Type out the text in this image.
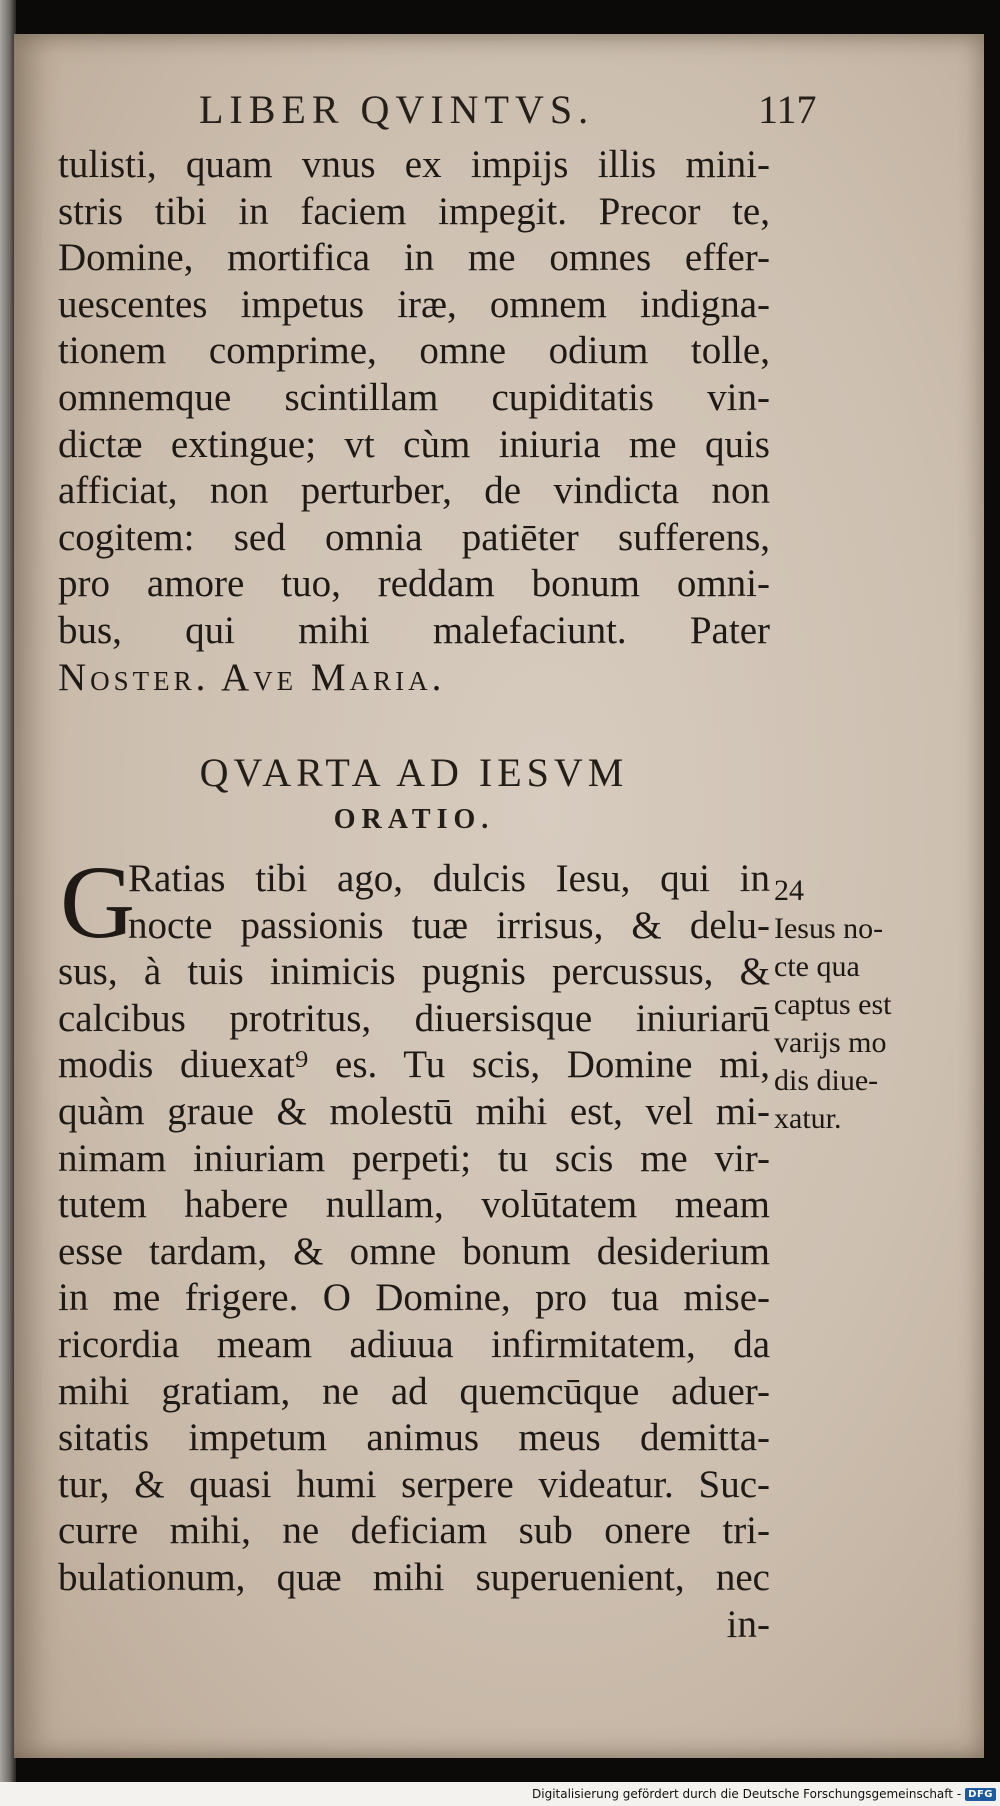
LIBER QVINTVS.	117
tulisti, quam vnus ex impijs illis mini-
stris tibi in faciem impegit. Precor te,
Domine, mortifica in me omnes effer-
uescentes impetus iræ, omnem indigna-
tionem comprime, omne odium tolle,
omnemque scintillam cupiditatis vin-
dictæ extingue; vt cùm iniuria me quis
afficiat, non perturber, de vindicta non
cogitem: sed omnia patiēter sufferens,
pro amore tuo, reddam bonum omni-
bus, qui mihi malefaciunt. Pater
Noster. Ave Maria.
QVARTA AD IESVM
ORATIO.
G
Ratias tibi ago, dulcis Iesu, qui in
nocte passionis tuæ irrisus, & delu-
sus, à tuis inimicis pugnis percussus, &
calcibus protritus, diuersisque iniuriarū
modis diuexat⁹ es. Tu scis, Domine mi,
quàm graue & molestū mihi est, vel mi-
nimam iniuriam perpeti; tu scis me vir-
tutem habere nullam, volūtatem meam
esse tardam, & omne bonum desiderium
in me frigere. O Domine, pro tua mise-
ricordia meam adiuua infirmitatem, da
mihi gratiam, ne ad quemcūque aduer-
sitatis impetum animus meus demitta-
tur, & quasi humi serpere videatur. Suc-
curre mihi, ne deficiam sub onere tri-
bulationum, quæ mihi superuenient, nec
in-
24
Iesus no-
cte qua
captus est
varijs mo
dis diue-
xatur.
Digitalisierung gefördert durch die Deutsche Forschungsgemeinschaft - DFG
